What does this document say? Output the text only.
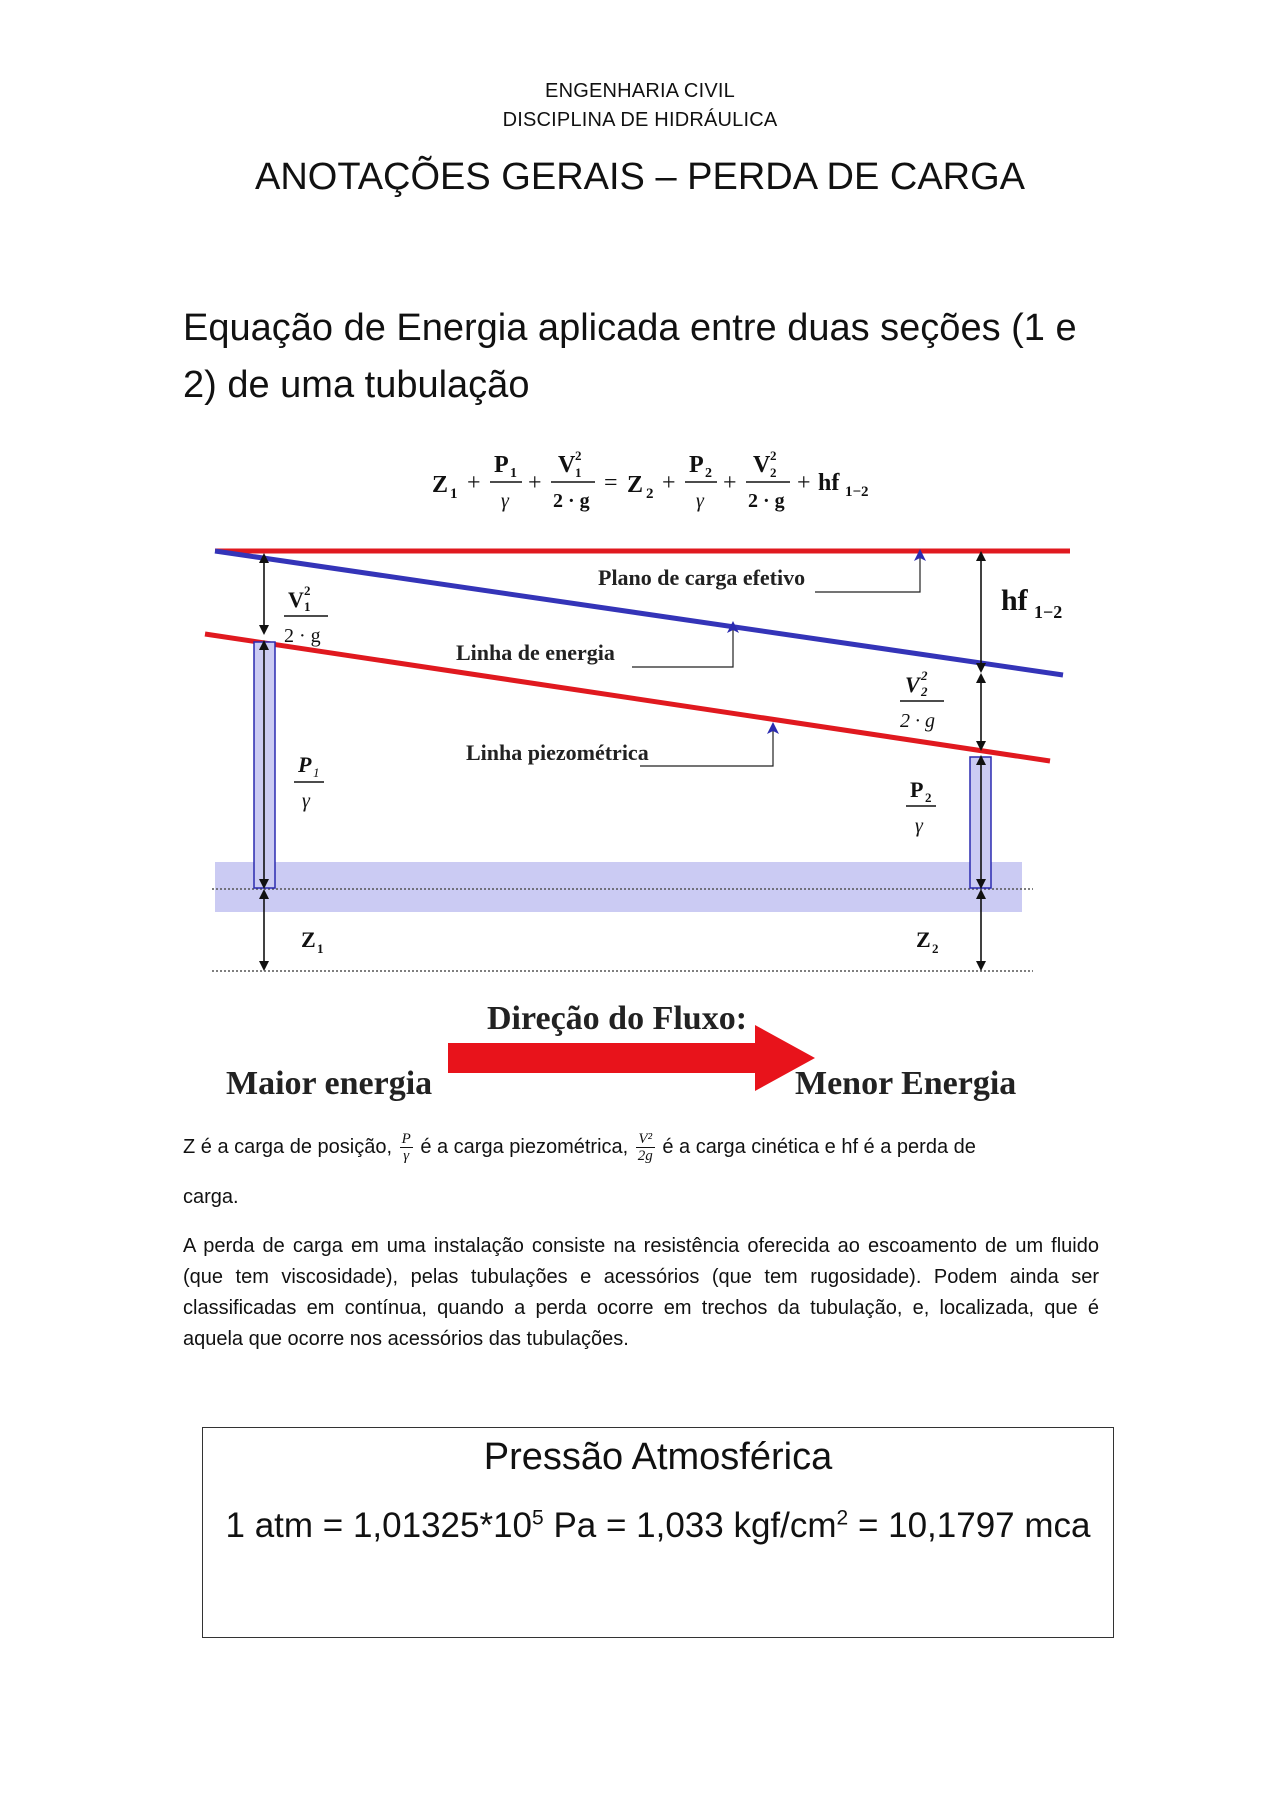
ENGENHARIA CIVIL
DISCIPLINA DE HIDRÁULICA
ANOTAÇÕES GERAIS – PERDA DE CARGA
Equação de Energia aplicada entre duas seções (1 e 2) de uma tubulação
Z 1 +
P 1
γ
+
V 2
1
2 · g
= Z 2 +
P 2
γ
+
V 2
2
2 · g
+ hf 1−2
Plano de carga efetivo
Linha de energia
Linha piezométrica
V 2
1
2 · g
P 1
γ
Z 1
hf 1−2
V 2
2
2 · g
P 2
γ
Z 2
Direção do Fluxo:
Maior energia	Menor Energia
Z é a carga de posição, $\frac{P}{\gamma}$ é a carga piezométrica, $\frac{\text{V²}}{2g}$ é a carga cinética e hf é a perda de
carga.
A perda de carga em uma instalação consiste na resistência oferecida ao escoamento de um fluido (que tem viscosidade), pelas tubulações e acessórios (que tem rugosidade). Podem ainda ser classificadas em contínua, quando a perda ocorre em trechos da tubulação, e, localizada, que é aquela que ocorre nos acessórios das tubulações.
Pressão Atmosférica
1 atm = $1,01325*10^5$ Pa = 1,033 kgf/$cm^2 = 10,1797$ mca
